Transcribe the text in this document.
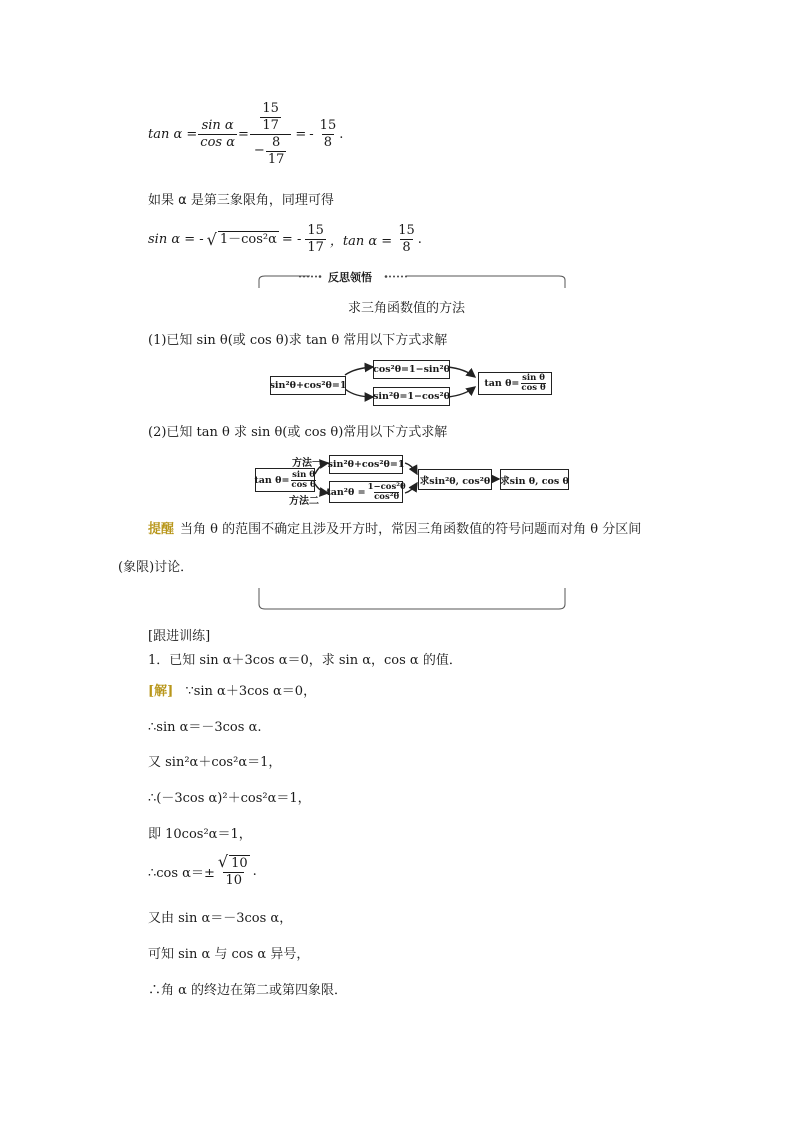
$\tan \alpha = \frac{\text{sin α}}{\text{cos α}} = \frac{\frac{15}{17}}{- \frac{8}{17}}$ = - $\frac{15}{8}$ .
如果 α 是第三象限角，同理可得
sin α = - √ 1－cos²α = - $\frac{15}{17}$ ，$\tan \alpha = \frac{15}{8}$ .
反思领悟
求三角函数值的方法
(1)已知 sin θ(或 cos θ)求 tan θ 常用以下方式求解
sin²θ+cos²θ=1
cos²θ=1−sin²θ
sin²θ=1−cos²θ
$\tan \theta= \frac{\text{sin θ}}{\text{cos θ}}$
(2)已知 tan θ 求 sin θ(或 cos θ)常用以下方式求解
$\tan \theta= \frac{\text{sin θ}}{\text{cos θ}}$
方法一
方法二
sin²θ+cos²θ=1
$\tan^2\theta = \frac{\text{1−cos²θ}}{\text{cos²θ}}$
求sin²θ, cos²θ 求sin θ, cos θ
提醒 当角 θ 的范围不确定且涉及开方时，常因三角函数值的符号问题而对角 θ 分区间
(象限)讨论．
[跟进训练]
1．已知 sin α＋3cos α＝0，求 sin α，cos α 的值．
[解] ∵sin α＋3cos α＝0，
∴sin α＝－3cos α.
又 sin²α＋cos²α＝1，
∴(－3cos α)²＋cos²α＝1，
即 10cos²α＝1，
∴cos $\alpha=\pm \frac{√ 10}{10}$ .
又由 sin α＝－3cos α，
可知 sin α 与 cos α 异号，
∴角 α 的终边在第二或第四象限．
